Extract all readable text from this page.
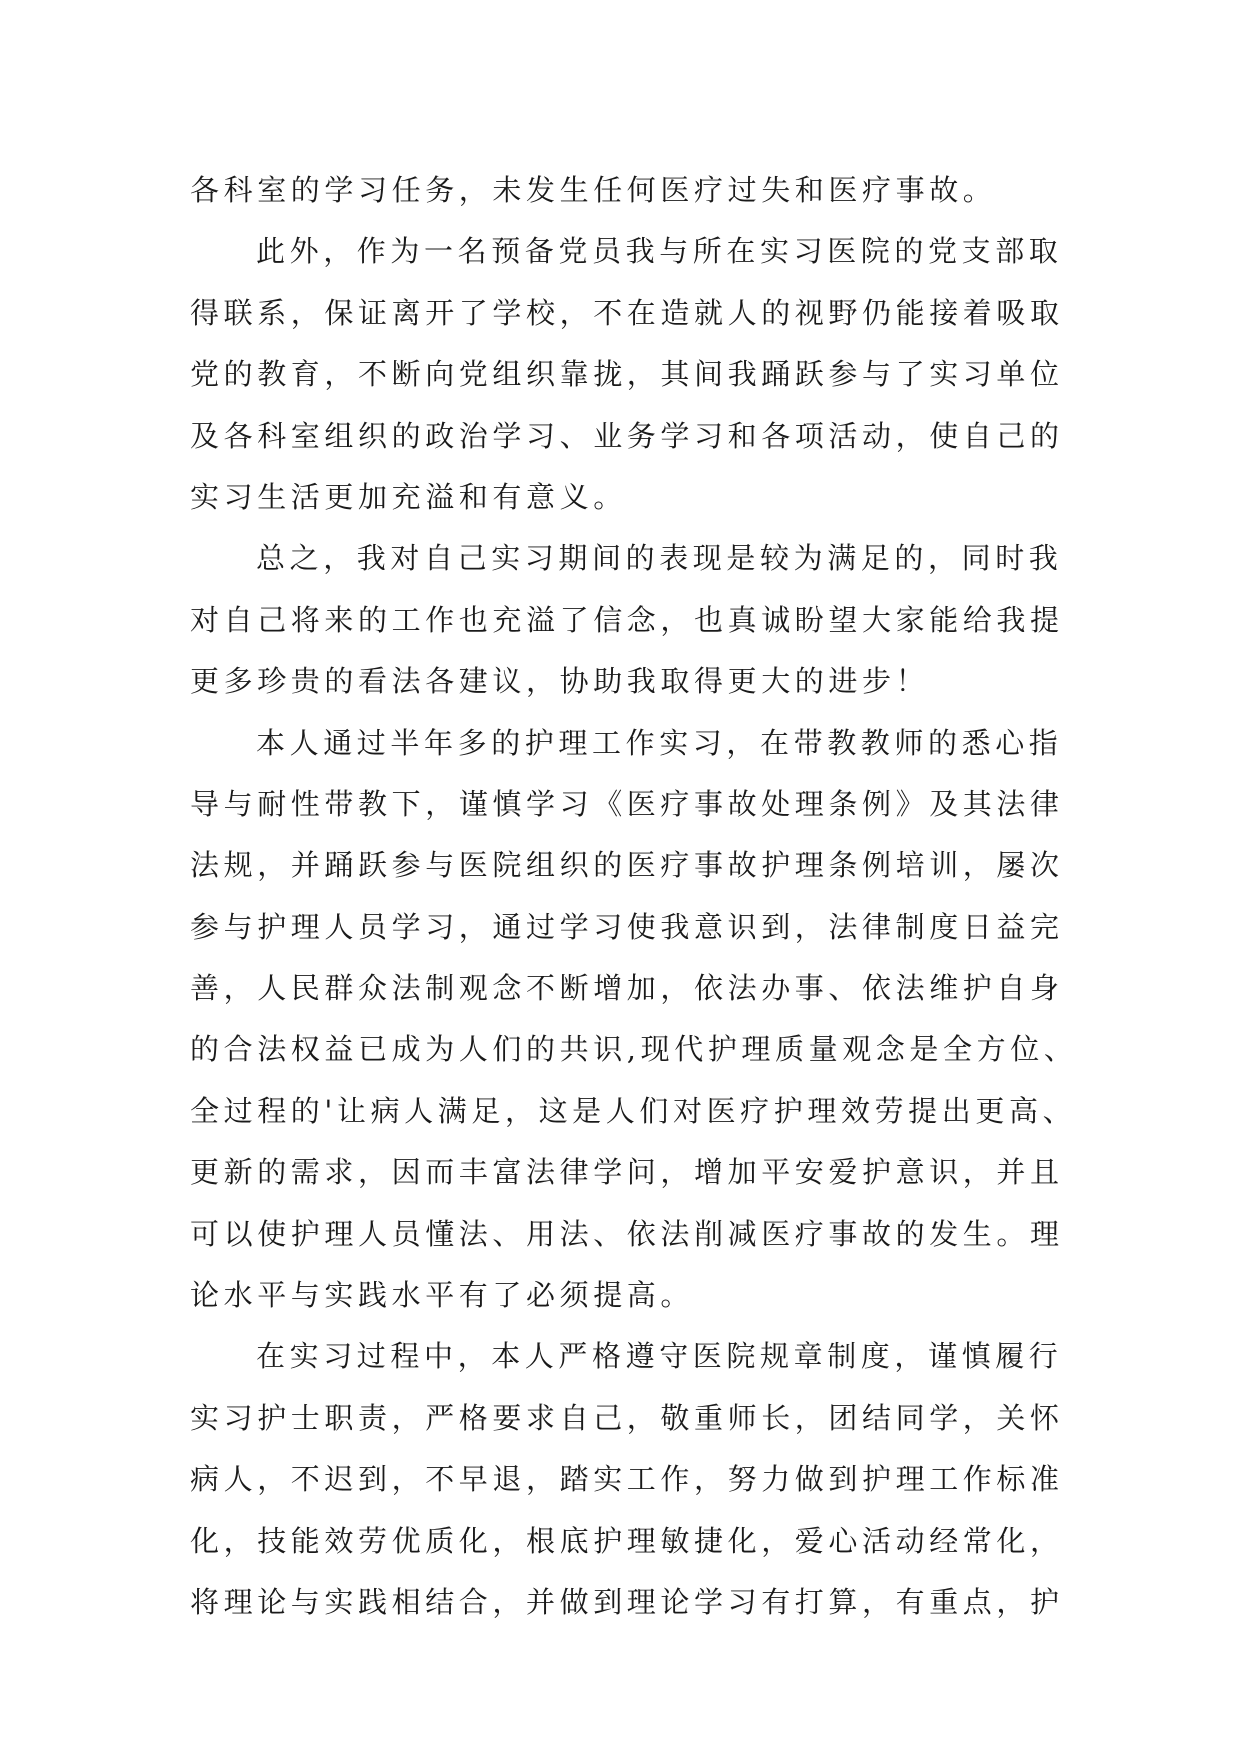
各科室的学习任务，未发生任何医疗过失和医疗事故。
此外，作为一名预备党员我与所在实习医院的党支部取
得联系，保证离开了学校，不在造就人的视野仍能接着吸取
党的教育，不断向党组织靠拢，其间我踊跃参与了实习单位
及各科室组织的政治学习、业务学习和各项活动，使自己的
实习生活更加充溢和有意义。
总之，我对自己实习期间的表现是较为满足的，同时我
对自己将来的工作也充溢了信念，也真诚盼望大家能给我提
更多珍贵的看法各建议，协助我取得更大的进步！
本人通过半年多的护理工作实习，在带教教师的悉心指
导与耐性带教下，谨慎学习《医疗事故处理条例》及其法律
法规，并踊跃参与医院组织的医疗事故护理条例培训，屡次
参与护理人员学习，通过学习使我意识到，法律制度日益完
善，人民群众法制观念不断增加，依法办事、依法维护自身
的合法权益已成为人们的共识,现代护理质量观念是全方位、
全过程的'让病人满足，这是人们对医疗护理效劳提出更高、
更新的需求，因而丰富法律学问，增加平安爱护意识，并且
可以使护理人员懂法、用法、依法削减医疗事故的发生。理
论水平与实践水平有了必须提高。
在实习过程中，本人严格遵守医院规章制度，谨慎履行
实习护士职责，严格要求自己，敬重师长，团结同学，关怀
病人，不迟到，不早退，踏实工作，努力做到护理工作标准
化，技能效劳优质化，根底护理敏捷化，爱心活动经常化，
将理论与实践相结合，并做到理论学习有打算，有重点，护
